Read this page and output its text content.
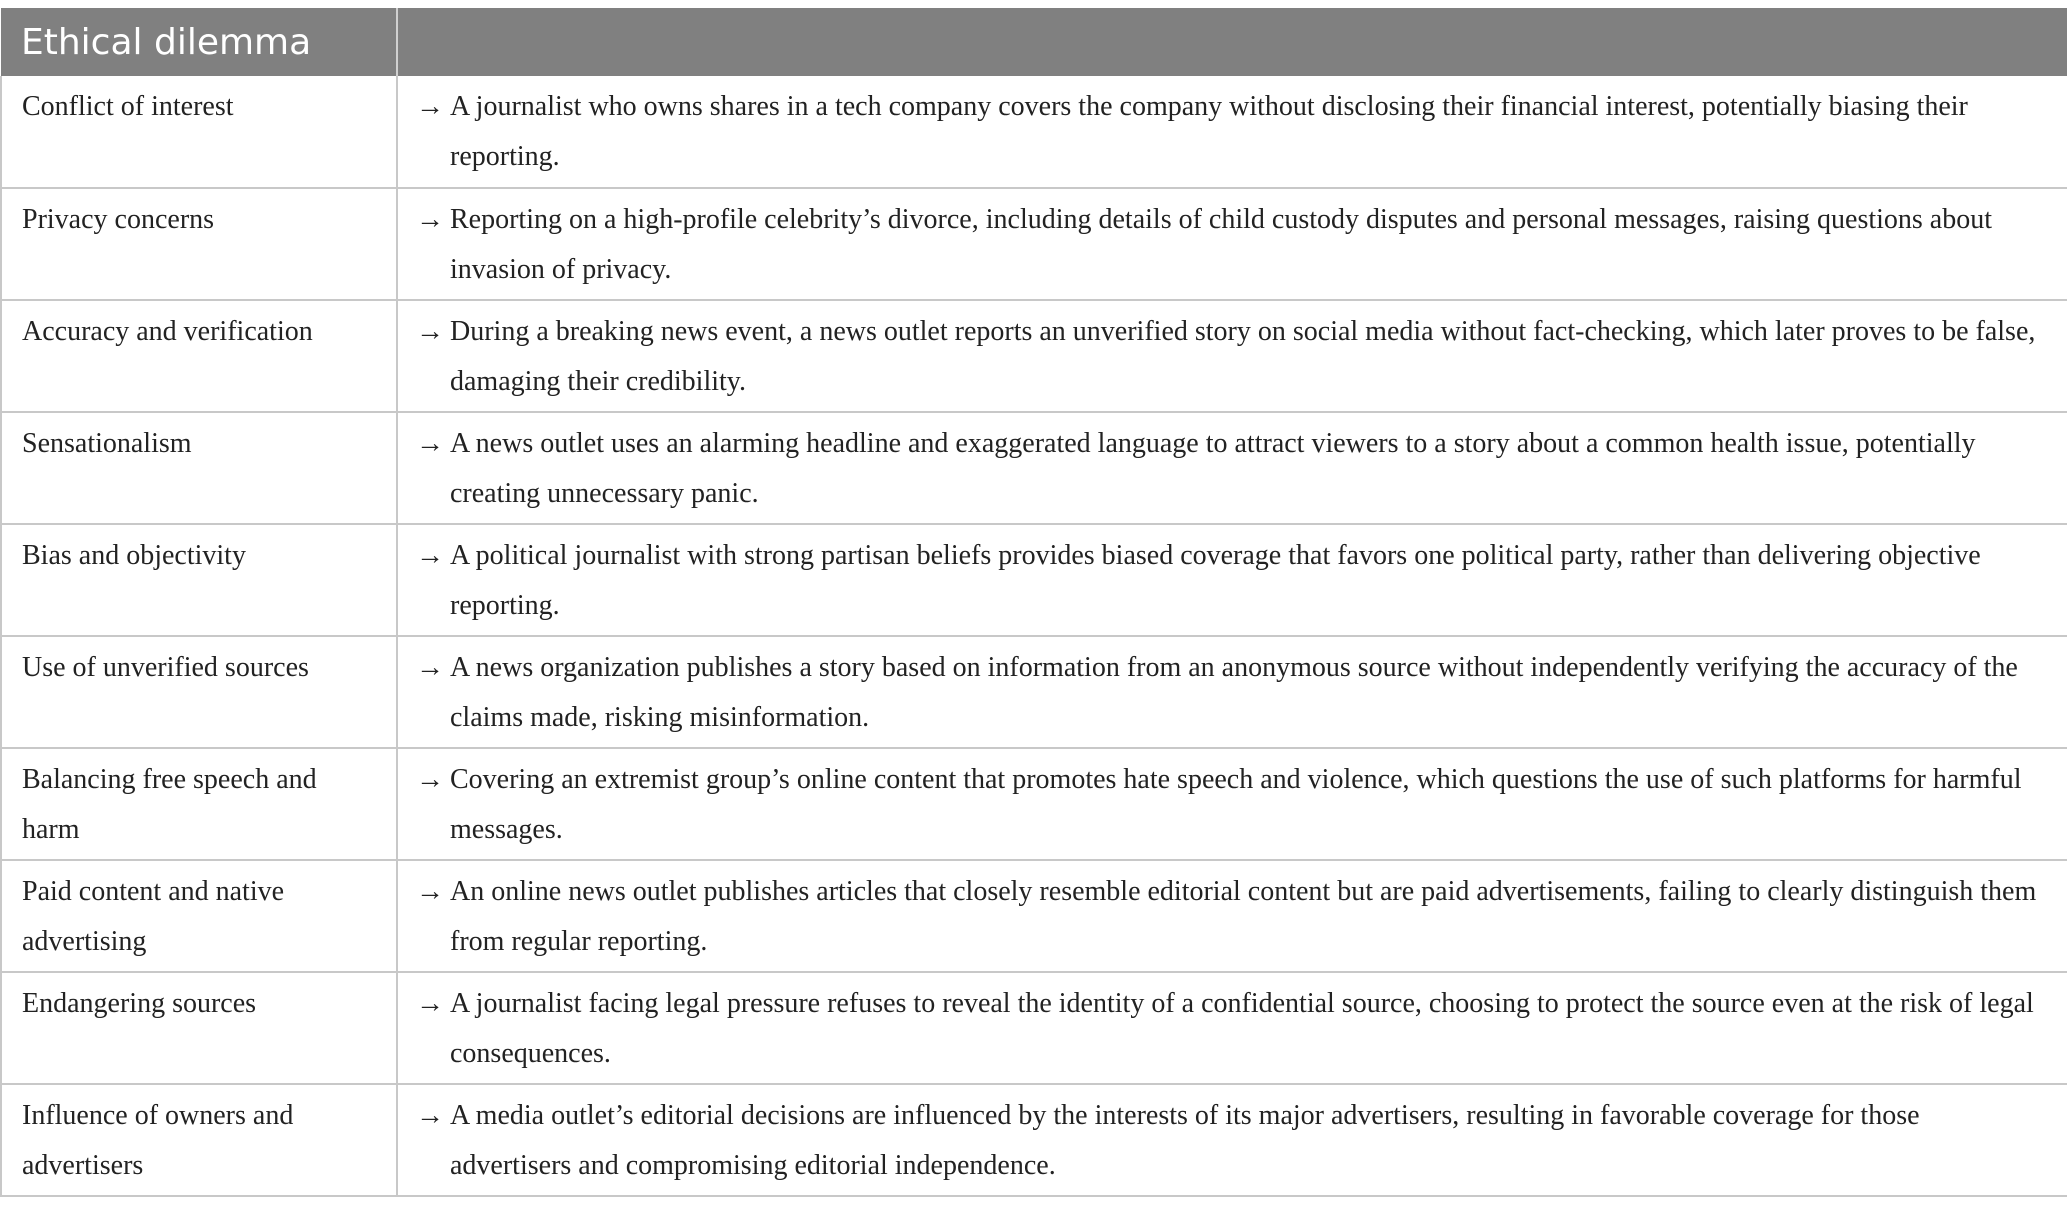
Ethical dilemma	
Conflict of interest	→ A journalist who owns shares in a tech company covers the company without disclosing their financial interest, potentially biasing their reporting.

Privacy concerns	→ Reporting on a high-profile celebrity’s divorce, including details of child custody disputes and personal messages, raising questions about invasion of privacy.

Accuracy and verification	→ During a breaking news event, a news outlet reports an unverified story on social media without fact-checking, which later proves to be false, damaging their credibility.

Sensationalism	→ A news outlet uses an alarming headline and exaggerated language to attract viewers to a story about a common health issue, potentially creating unnecessary panic.

Bias and objectivity	→ A political journalist with strong partisan beliefs provides biased coverage that favors one political party, rather than delivering objective reporting.

Use of unverified sources	→ A news organization publishes a story based on information from an anonymous source without independently verifying the accuracy of the claims made, risking misinformation.

Balancing free speech and harm	→ Covering an extremist group’s online content that promotes hate speech and violence, which questions the use of such platforms for harmful messages.

Paid content and native advertising	→ An online news outlet publishes articles that closely resemble editorial content but are paid advertisements, failing to clearly distinguish them from regular reporting.

Endangering sources	→ A journalist facing legal pressure refuses to reveal the identity of a confidential source, choosing to protect the source even at the risk of legal consequences.

Influence of owners and advertisers	→ A media outlet’s editorial decisions are influenced by the interests of its major advertisers, resulting in favorable coverage for those advertisers and compromising editorial independence.
